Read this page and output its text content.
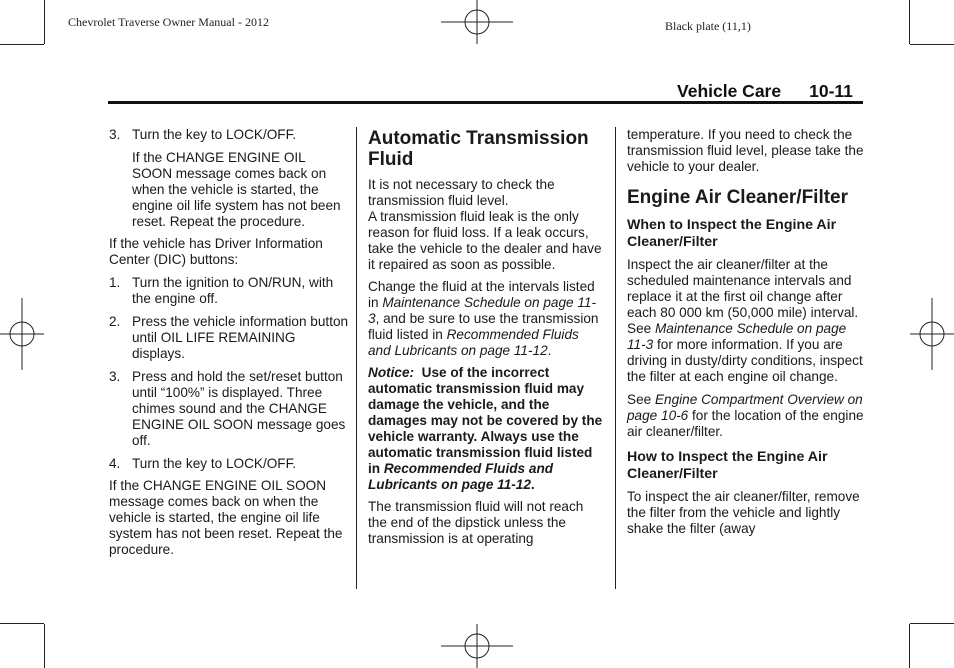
Chevrolet Traverse Owner Manual - 2012	Black plate (11,1)
Vehicle Care 10-11
3. Turn the key to LOCK/OFF.

If the CHANGE ENGINE OIL SOON message comes back on when the vehicle is started, the engine oil life system has not been reset. Repeat the procedure.

If the vehicle has Driver Information Center (DIC) buttons:

1. Turn the ignition to ON/RUN, with the engine off.
2. Press the vehicle information button until OIL LIFE REMAINING displays.
3. Press and hold the set/reset button until “100%” is displayed. Three chimes sound and the CHANGE ENGINE OIL SOON message goes off.
4. Turn the key to LOCK/OFF.

If the CHANGE ENGINE OIL SOON message comes back on when the vehicle is started, the engine oil life system has not been reset. Repeat the procedure.

Automatic Transmission Fluid

It is not necessary to check the transmission fluid level.

A transmission fluid leak is the only reason for fluid loss. If a leak occurs, take the vehicle to the dealer and have it repaired as soon as possible.

Change the fluid at the intervals listed in Maintenance Schedule on page 11-3, and be sure to use the transmission fluid listed in Recommended Fluids and Lubricants on page 11-12.

Notice: Use of the incorrect automatic transmission fluid may damage the vehicle, and the damages may not be covered by the vehicle warranty. Always use the automatic transmission fluid listed in Recommended Fluids and Lubricants on page 11-12.

The transmission fluid will not reach the end of the dipstick unless the transmission is at operating

temperature. If you need to check the transmission fluid level, please take the vehicle to your dealer.

Engine Air Cleaner/Filter

When to Inspect the Engine Air Cleaner/Filter

Inspect the air cleaner/filter at the scheduled maintenance intervals and replace it at the first oil change after each 80 000 km (50,000 mile) interval. See Maintenance Schedule on page 11-3 for more information. If you are driving in dusty/dirty conditions, inspect the filter at each engine oil change.

See Engine Compartment Overview on page 10-6 for the location of the engine air cleaner/filter.

How to Inspect the Engine Air Cleaner/Filter

To inspect the air cleaner/filter, remove the filter from the vehicle and lightly shake the filter (away
